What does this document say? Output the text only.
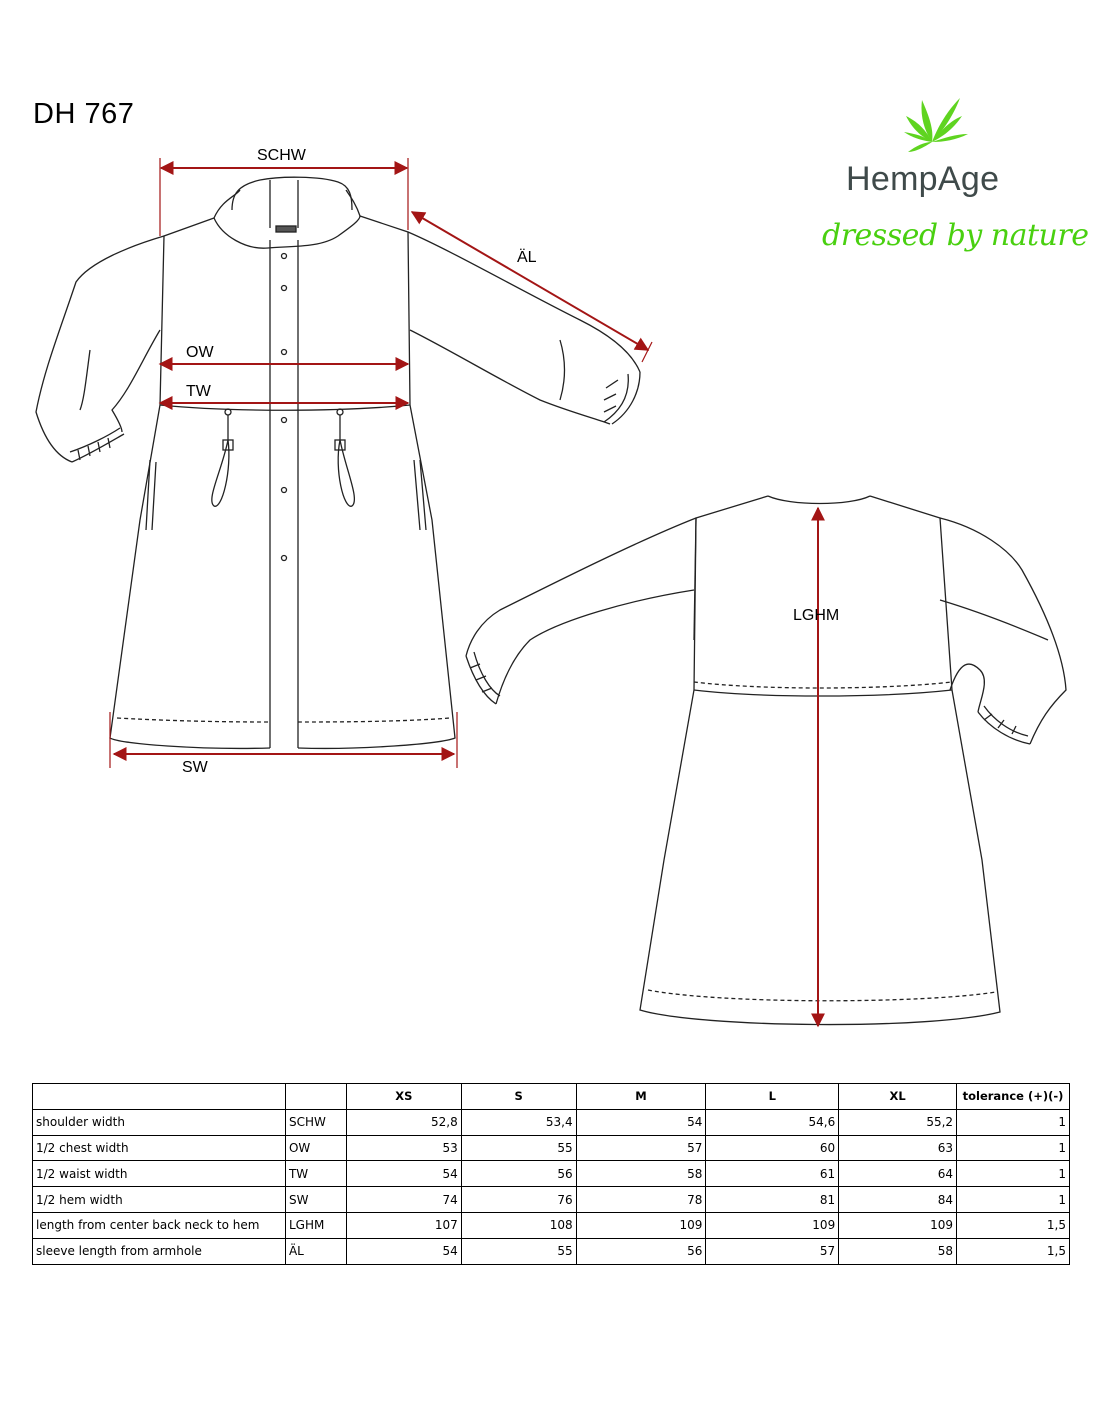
DH 767
HempAge
dressed by nature
SCHW
ÄL
OW
TW
SW
LGHM
		XS	S	M	L	XL	tolerance (+)(-)
shoulder width	SCHW	52,8	53,4	54	54,6	55,2	1
1/2 chest width	OW	53	55	57	60	63	1
1/2 waist width	TW	54	56	58	61	64	1
1/2 hem width	SW	74	76	78	81	84	1
length from center back neck to hem	LGHM	107	108	109	109	109	1,5
sleeve length from armhole	ÄL	54	55	56	57	58	1,5
